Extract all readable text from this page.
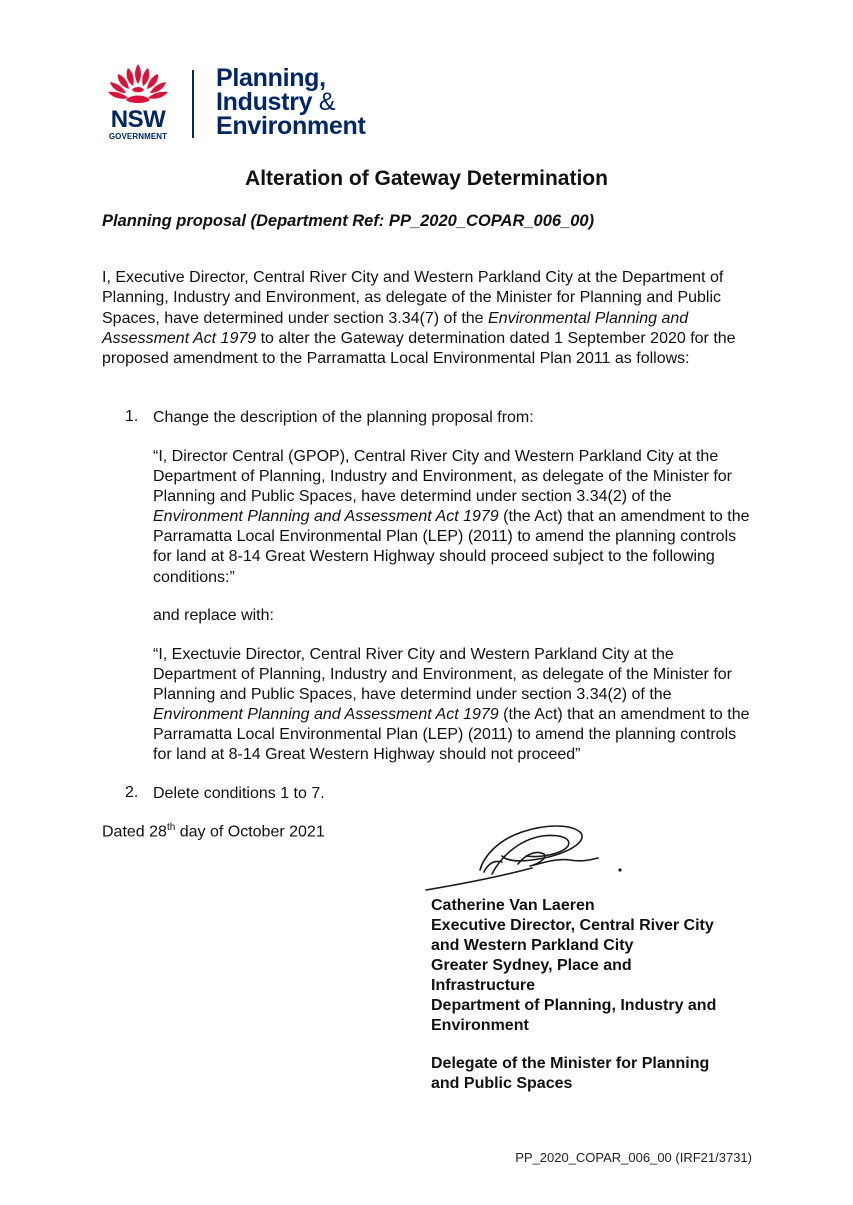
NSW
GOVERNMENT
Planning,
Industry &
Environment
Alteration of Gateway Determination
Planning proposal (Department Ref: PP_2020_COPAR_006_00)
I, Executive Director, Central River City and Western Parkland City at the Department of Planning, Industry and Environment, as delegate of the Minister for Planning and Public Spaces, have determined under section 3.34(7) of the Environmental Planning and Assessment Act 1979 to alter the Gateway determination dated 1 September 2020 for the proposed amendment to the Parramatta Local Environmental Plan 2011 as follows:
1. Change the description of the planning proposal from:
“I, Director Central (GPOP), Central River City and Western Parkland City at the Department of Planning, Industry and Environment, as delegate of the Minister for Planning and Public Spaces, have determind under section 3.34(2) of the Environment Planning and Assessment Act 1979 (the Act) that an amendment to the Parramatta Local Environmental Plan (LEP) (2011) to amend the planning controls for land at 8-14 Great Western Highway should proceed subject to the following conditions:”
and replace with:
“I, Exectuvie Director, Central River City and Western Parkland City at the Department of Planning, Industry and Environment, as delegate of the Minister for Planning and Public Spaces, have determind under section 3.34(2) of the Environment Planning and Assessment Act 1979 (the Act) that an amendment to the Parramatta Local Environmental Plan (LEP) (2011) to amend the planning controls for land at 8-14 Great Western Highway should not proceed”
2. Delete conditions 1 to 7.
Dated 28th day of October 2021
Catherine Van Laeren
Executive Director, Central River City
and Western Parkland City
Greater Sydney, Place and
Infrastructure
Department of Planning, Industry and
Environment
Delegate of the Minister for Planning
and Public Spaces
PP_2020_COPAR_006_00 (IRF21/3731)
